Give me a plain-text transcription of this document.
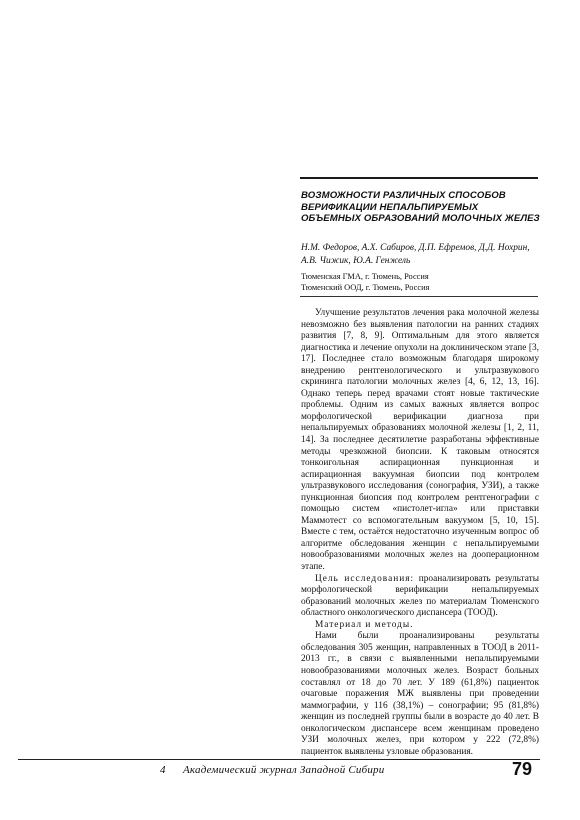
ВОЗМОЖНОСТИ РАЗЛИЧНЫХ СПОСОБОВ ВЕРИФИКАЦИИ НЕПАЛЬПИРУЕМЫХ ОБЪЕМНЫХ ОБРАЗОВАНИЙ МОЛОЧНЫХ ЖЕЛЕЗ
Н.М. Федоров, А.Х. Сабиров, Д.П. Ефремов, Д.Д. Нохрин, А.В. Чижик, Ю.А. Генжель
Тюменская ГМА, г. Тюмень, Россия
Тюменский ООД, г. Тюмень, Россия

Улучшение результатов лечения рака молочной железы невозможно без выявления патологии на ранних стадиях развития [7, 8, 9]. Оптимальным для этого является диагностика и лечение опухоли на доклиническом этапе [3, 17]. Последнее стало возможным благодаря широкому внедрению рентгенологического и ультразвукового скрининга патологии молочных желез [4, 6, 12, 13, 16]. Однако теперь перед врачами стоят новые тактические проблемы. Одним из самых важных является вопрос морфологической верификации диагноза при непальпируемых образованиях молочной железы [1, 2, 11, 14]. За последнее десятилетие разработаны эффективные методы чрезкожной биопсии. К таковым относятся тонкоигольная аспирационная пункционная и аспирационная вакуумная биопсии под контролем ультразвукового исследования (сонография, УЗИ), а также пункционная биопсия под контролем рентгенографии с помощью систем «пистолет-игла» или приставки Маммотест со вспомогательным вакуумом [5, 10, 15]. Вместе с тем, остаётся недостаточно изученным вопрос об алгоритме обследования женщин с непальпируемыми новообразованиями молочных желез на дооперационном этапе.

Цель исследования: проанализировать результаты морфологической верификации непальпируемых образований молочных желез по материалам Тюменского областного онкологического диспансера (ТООД).

Материал и методы.

Нами были проанализированы результаты обследования 305 женщин, направленных в ТООД в 2011-2013 гг., в связи с выявленными непальпируемыми новообразованиями молочных желез. Возраст больных составлял от 18 до 70 лет. У 189 (61,8%) пациенток очаговые поражения МЖ выявлены при проведении маммографии, у 116 (38,1%) – сонографии; 95 (81,8%) женщин из последней группы были в возрасте до 40 лет. В онкологическом диспансере всем женщинам проведено УЗИ молочных желез, при котором у 222 (72,8%) пациенток выявлены узловые образования.

4 Академический журнал Западной Сибири	79
